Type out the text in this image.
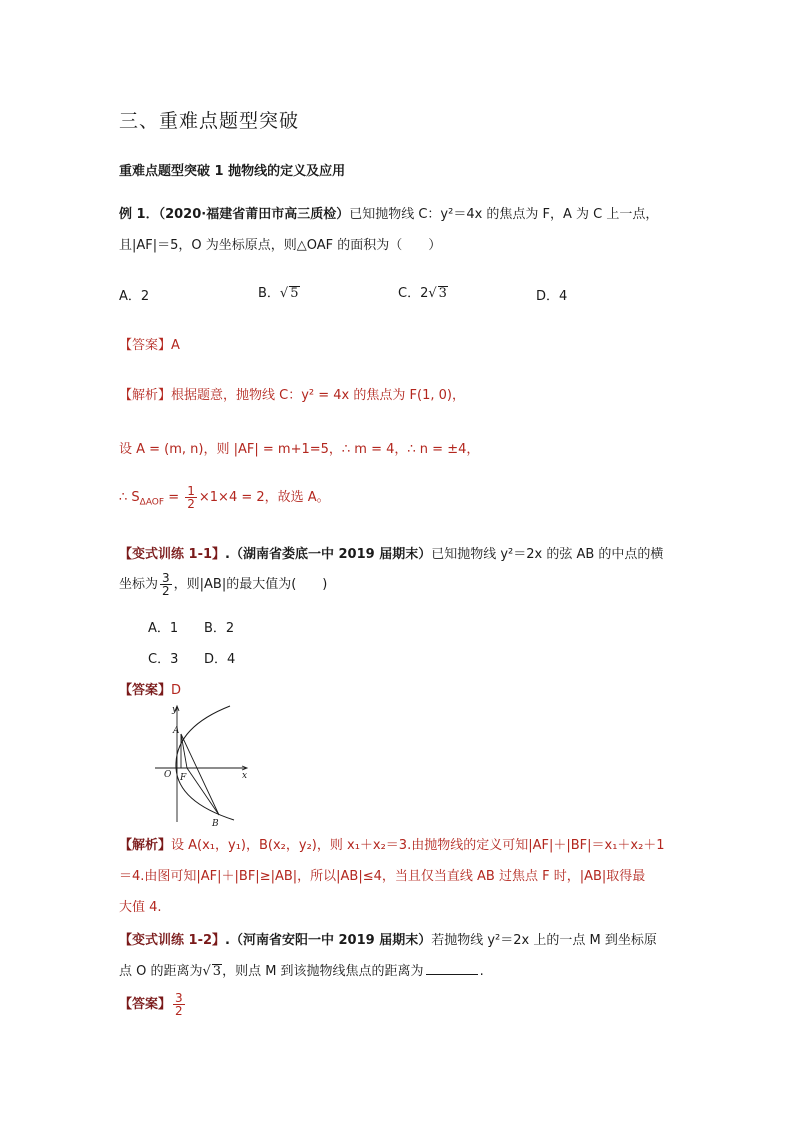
三、重难点题型突破
重难点题型突破 1 抛物线的定义及应用
例 1．（2020·福建省莆田市高三质检）已知抛物线 C：y²＝4x 的焦点为 F，A 为 C 上一点，
且|AF|＝5，O 为坐标原点，则△OAF 的面积为（　　）
A．2	B．√ 5	C．2√ 3	D．4
【答案】A
【解析】根据题意，抛物线 C：y² = 4x 的焦点为 F(1, 0)，
设 A = (m, n)，则 |AF| = m+1=5，∴ m = 4，∴ n = ±4，
∴ $S_{\Delta AOF} = \frac{1}{2} \times 1\times 4 = 2$，故选 A。
【变式训练 1-1】.（湖南省娄底一中 2019 届期末）已知抛物线 y²＝2x 的弦 AB 的中点的横
坐标为 $\frac{3}{2}$ ，则|AB|的最大值为(　　)
A．1 B．2
C．3 D．4
【答案】D
y
x
O
A
F
B
【解析】设 A(x₁，y₁)，B(x₂，y₂)，则 x₁＋x₂＝3.由抛物线的定义可知|AF|＋|BF|＝x₁＋x₂＋1
＝4.由图可知|AF|＋|BF|≥|AB|，所以|AB|≤4，当且仅当直线 AB 过焦点 F 时，|AB|取得最
大值 4.
【变式训练 1-2】.（河南省安阳一中 2019 届期末）若抛物线 y²＝2x 上的一点 M 到坐标原
点 O 的距离为√ 3，则点 M 到该抛物线焦点的距离为	.
【答案】 $\frac{3}{2}$
